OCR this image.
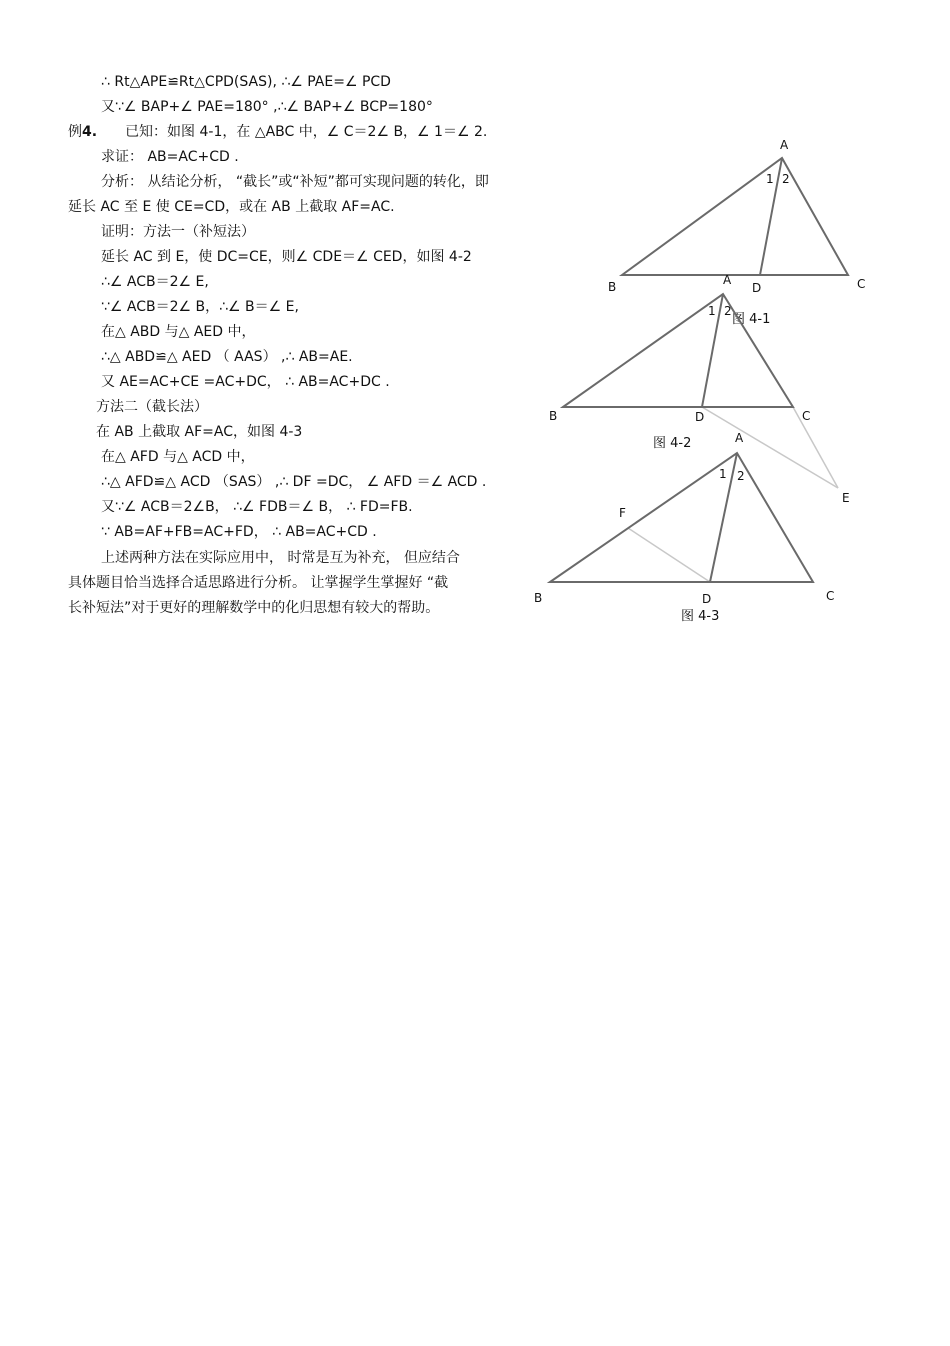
∴ Rt△APE≌Rt△CPD(SAS), ∴∠ PAE=∠ PCD
又∵∠ BAP+∠ PAE=180° ,∴∠ BAP+∠ BCP=180°
例4. 已知：如图 4-1，在 △ABC 中，∠ C＝2∠ B，∠ 1＝∠ 2.
求证： AB=AC+CD .
分析： 从结论分析， “截长”或“补短”都可实现问题的转化，即
延长 AC 至 E 使 CE=CD，或在 AB 上截取 AF=AC.
证明：方法一（补短法）
延长 AC 到 E，使 DC=CE，则∠ CDE＝∠ CED，如图 4-2
∴∠ ACB＝2∠ E,
∵∠ ACB＝2∠ B，∴∠ B＝∠ E,
在△ ABD 与△ AED 中，
∴△ ABD≌△ AED （ AAS） ,∴ AB=AE.
又 AE=AC+CE =AC+DC， ∴ AB=AC+DC .
方法二（截长法）
在 AB 上截取 AF=AC，如图 4-3
在△ AFD 与△ ACD 中，
∴△ AFD≌△ ACD （SAS） ,∴ DF =DC， ∠ AFD ＝∠ ACD .
又∵∠ ACB＝2∠B， ∴∠ FDB＝∠ B， ∴ FD=FB.
∵ AB=AF+FB=AC+FD， ∴ AB=AC+CD .
上述两种方法在实际应用中， 时常是互为补充， 但应结合
具体题目恰当选择合适思路进行分析。 让掌握学生掌握好 “截
长补短法”对于更好的理解数学中的化归思想有较大的帮助。
A
B	C
D
1 2
图 4-1
A
B	C
D
E
1 2
图 4-2	A
B	C
D
F
1 2
图 4-3
